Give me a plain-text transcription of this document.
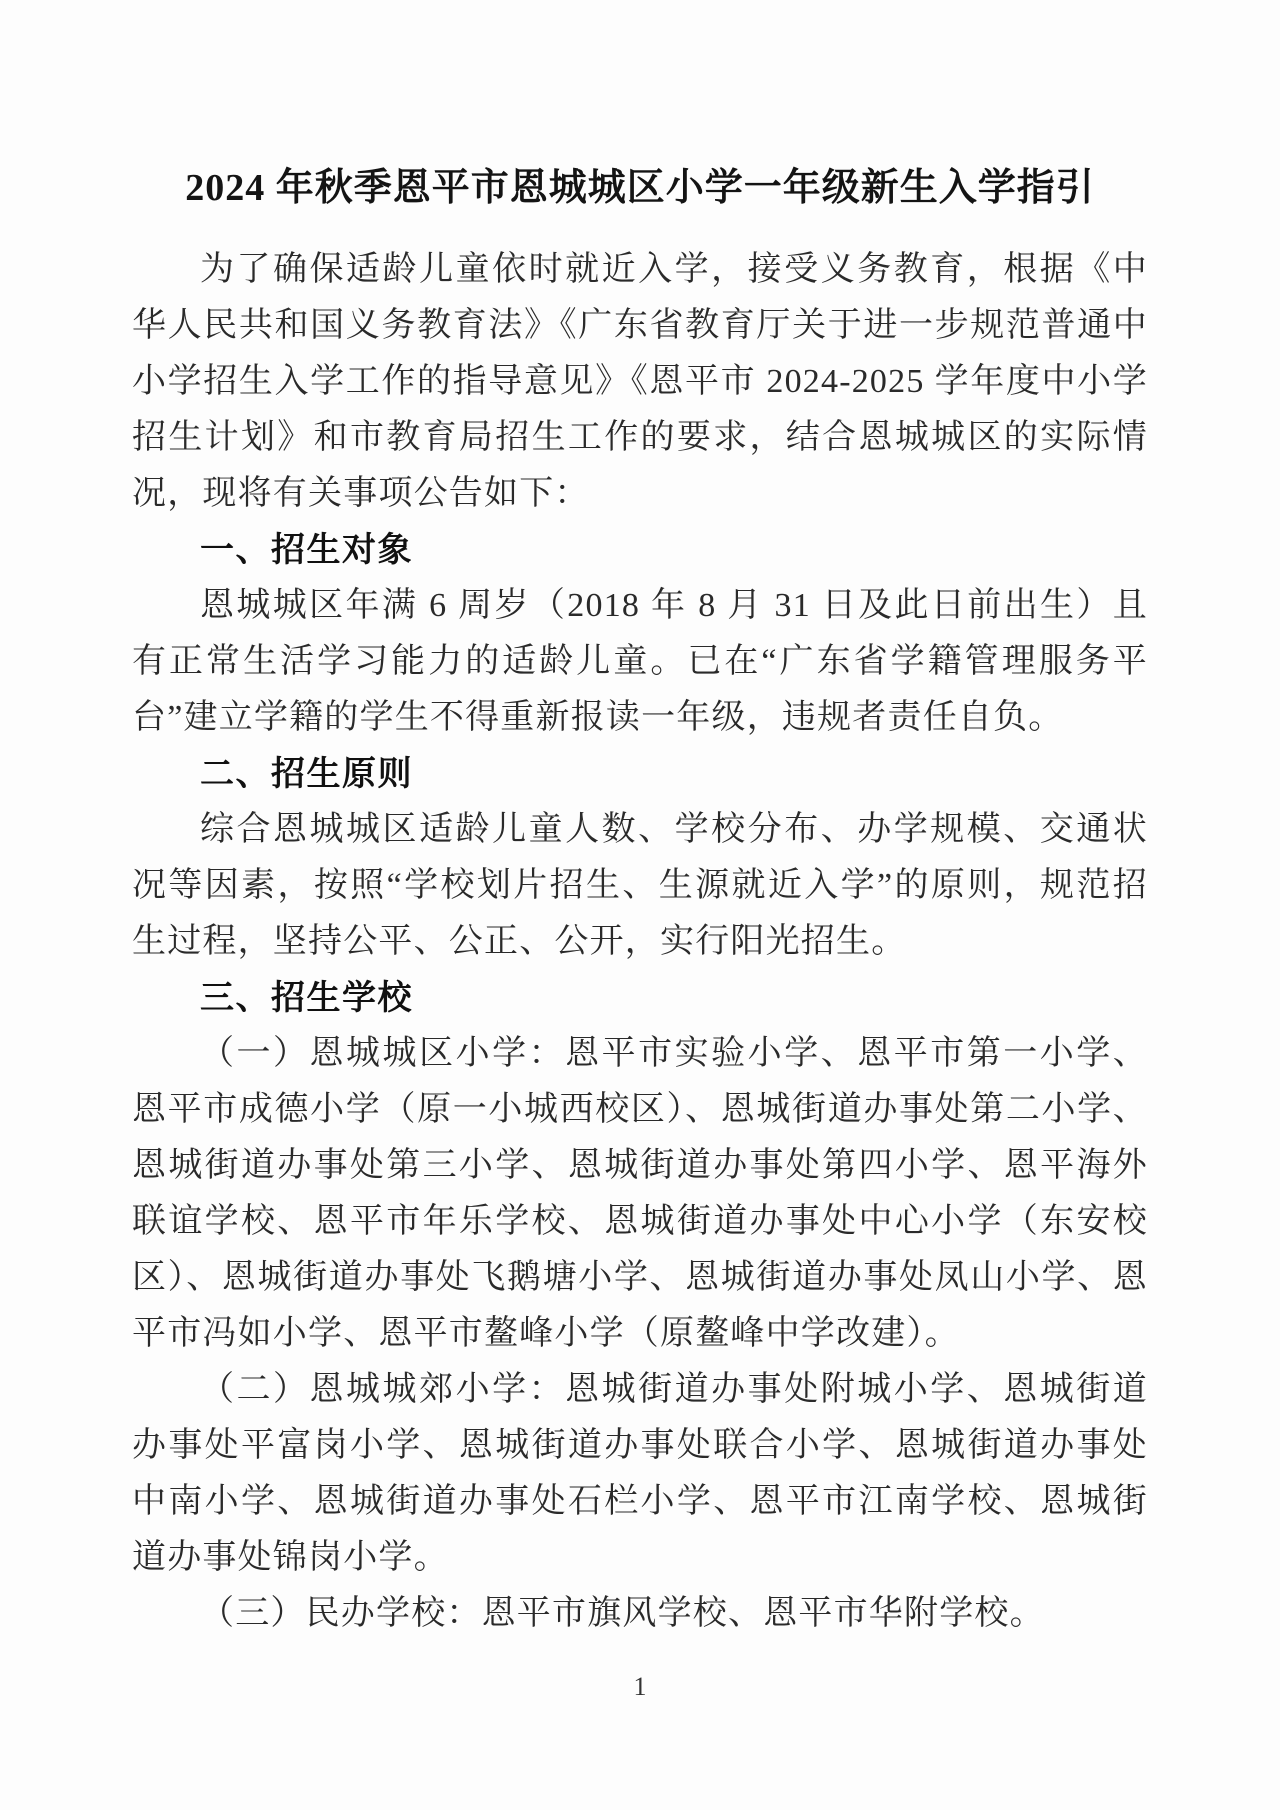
2024 年秋季恩平市恩城城区小学一年级新生入学指引

为了确保适龄儿童依时就近入学，接受义务教育，根据《中华人民共和国义务教育法》《广东省教育厅关于进一步规范普通中小学招生入学工作的指导意见》《恩平市 2024-2025 学年度中小学招生计划》和市教育局招生工作的要求，结合恩城城区的实际情况，现将有关事项公告如下：

一、招生对象

恩城城区年满 6 周岁（2018 年 8 月 31 日及此日前出生）且有正常生活学习能力的适龄儿童。已在“广东省学籍管理服务平台”建立学籍的学生不得重新报读一年级，违规者责任自负。

二、招生原则

综合恩城城区适龄儿童人数、学校分布、办学规模、交通状况等因素，按照“学校划片招生、生源就近入学”的原则，规范招生过程，坚持公平、公正、公开，实行阳光招生。

三、招生学校

（一）恩城城区小学：恩平市实验小学、恩平市第一小学、恩平市成德小学（原一小城西校区）、恩城街道办事处第二小学、恩城街道办事处第三小学、恩城街道办事处第四小学、恩平海外联谊学校、恩平市年乐学校、恩城街道办事处中心小学（东安校区）、恩城街道办事处飞鹅塘小学、恩城街道办事处凤山小学、恩平市冯如小学、恩平市鳌峰小学（原鳌峰中学改建）。

（二）恩城城郊小学：恩城街道办事处附城小学、恩城街道办事处平富岗小学、恩城街道办事处联合小学、恩城街道办事处中南小学、恩城街道办事处石栏小学、恩平市江南学校、恩城街道办事处锦岗小学。

（三）民办学校：恩平市旗风学校、恩平市华附学校。

1
